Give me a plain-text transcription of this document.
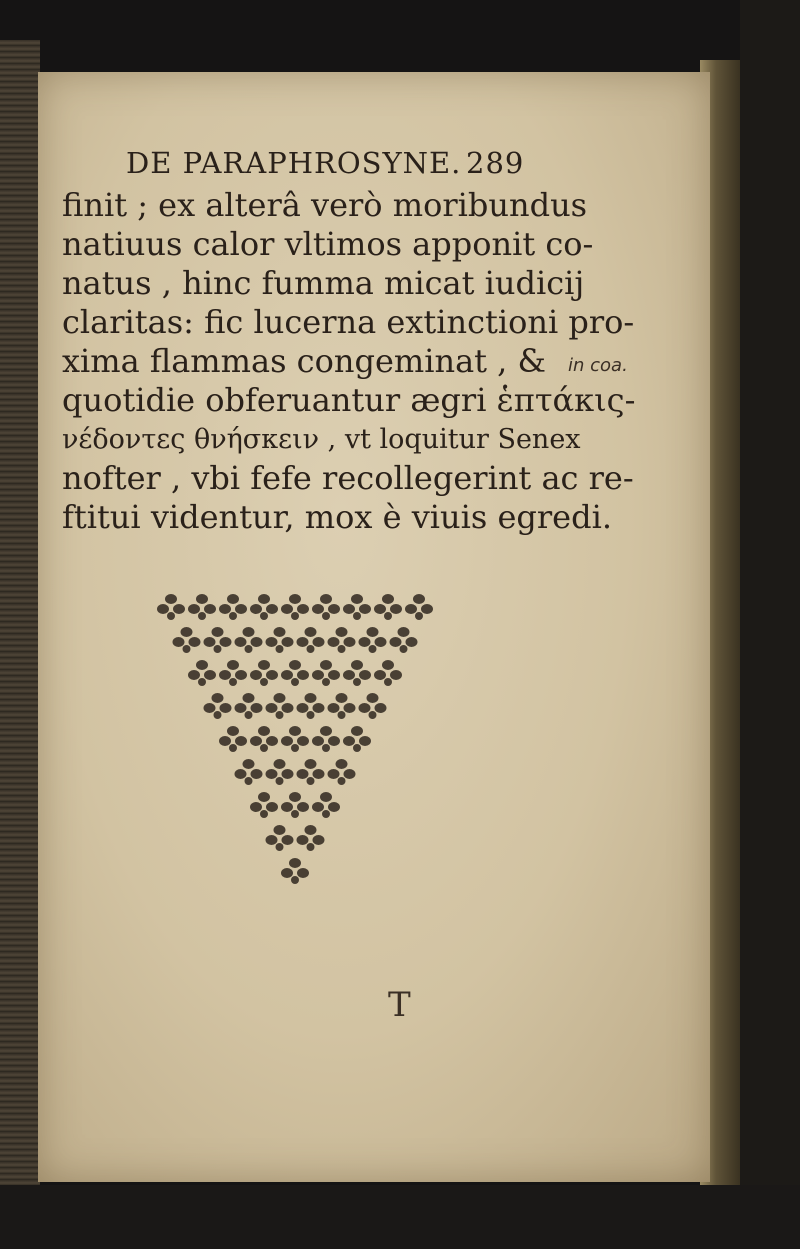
DE PARAPHROSYNE. 289
finit ; ex alterâ verò moribundus
natiuus calor vltimos apponit co-
natus , hinc fumma micat iudicij
claritas: fic lucerna extinctioni pro-
xima flammas congeminat , &
quotidie obferuantur ægri ἑπτάκις-
νέδοντες θνήσκειν , vt loquitur Senex
nofter , vbi fefe recollegerint ac re-
ftitui videntur, mox è viuis egredi.
in coa.
T
